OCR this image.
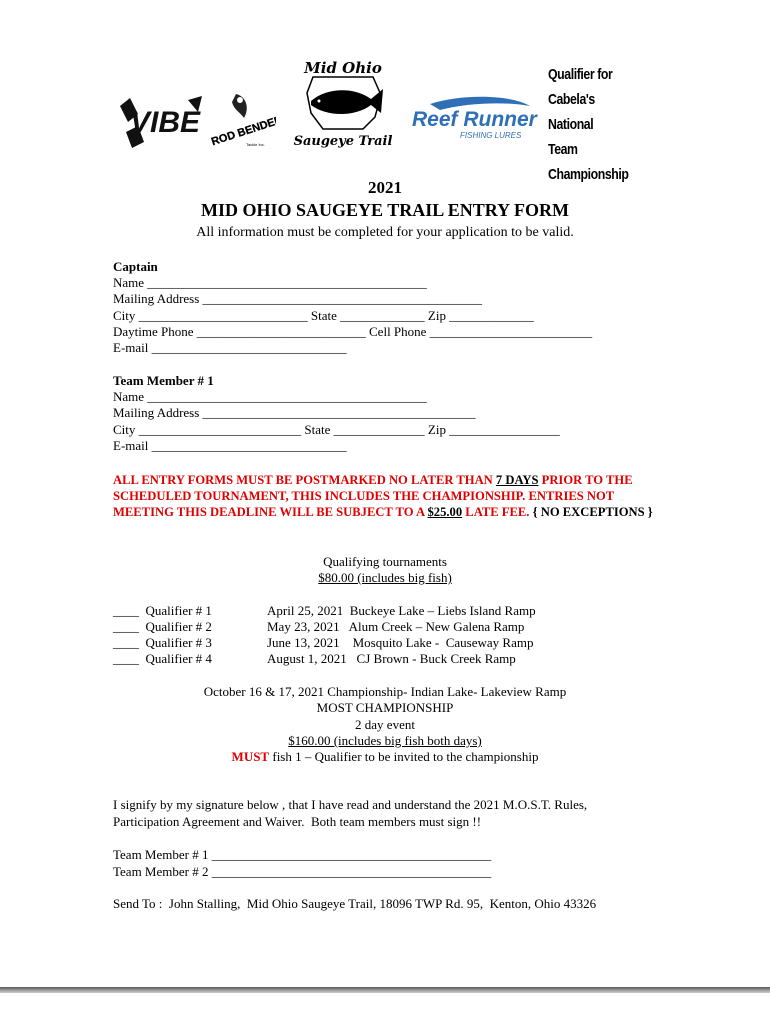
VIBE ROD BENDERS
Tackle Inc.
Mid Ohio
Saugeye Trail
Reef Runner
FISHING LURES
Qualifier for
Cabela's National
Team Championship
2021
MID OHIO SAUGEYE TRAIL ENTRY FORM
All information must be completed for your application to be valid.
Captain
Name ___________________________________________
Mailing Address ___________________________________________
City __________________________ State _____________ Zip _____________
Daytime Phone __________________________ Cell Phone _________________________
E-mail ______________________________
Team Member # 1
Name ___________________________________________
Mailing Address __________________________________________
City _________________________ State ______________ Zip _________________
E-mail ______________________________
ALL ENTRY FORMS MUST BE POSTMARKED NO LATER THAN 7 DAYS PRIOR TO THE SCHEDULED TOURNAMENT, THIS INCLUDES THE CHAMPIONSHIP. ENTRIES NOT MEETING THIS DEADLINE WILL BE SUBJECT TO A $25.00 LATE FEE. { NO EXCEPTIONS }
Qualifying tournaments
$80.00 (includes big fish)
____  Qualifier # 1	April 25, 2021  Buckeye Lake – Liebs Island Ramp
____  Qualifier # 2	May 23, 2021   Alum Creek – New Galena Ramp
____  Qualifier # 3	June 13, 2021    Mosquito Lake -  Causeway Ramp
____  Qualifier # 4	August 1, 2021   CJ Brown - Buck Creek Ramp
October 16 & 17, 2021 Championship- Indian Lake- Lakeview Ramp
MOST CHAMPIONSHIP
2 day event
$160.00 (includes big fish both days)
MUST fish 1 – Qualifier to be invited to the championship
I signify by my signature below , that I have read and understand the 2021 M.O.S.T. Rules,
Participation Agreement and Waiver.  Both team members must sign !!
Team Member # 1 ___________________________________________
Team Member # 2 ___________________________________________
Send To :  John Stalling,  Mid Ohio Saugeye Trail, 18096 TWP Rd. 95,  Kenton, Ohio 43326
